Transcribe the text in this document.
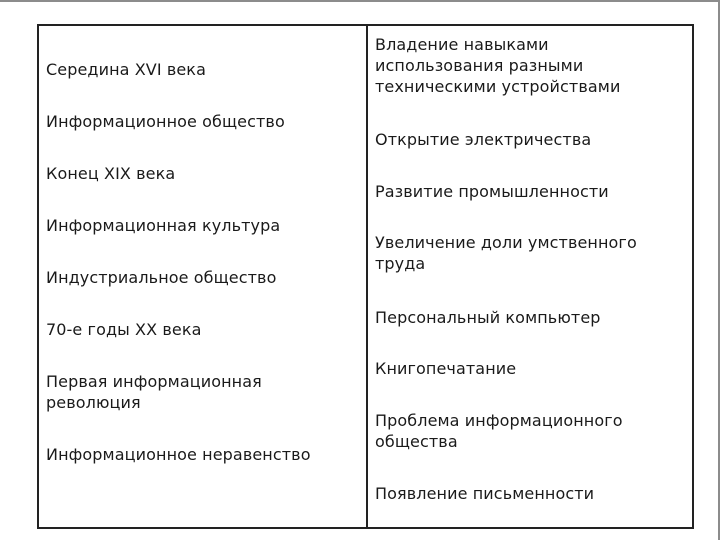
Середина XVI века
Информационное общество
Конец XIX века
Информационная культура
Индустриальное общество
70-е годы XX века
Первая информационная революция
Информационное неравенство
Владение навыками использования разными техническими устройствами
Открытие электричества
Развитие промышленности
Увеличение доли умственного труда
Персональный компьютер
Книгопечатание
Проблема информационного общества
Появление письменности
